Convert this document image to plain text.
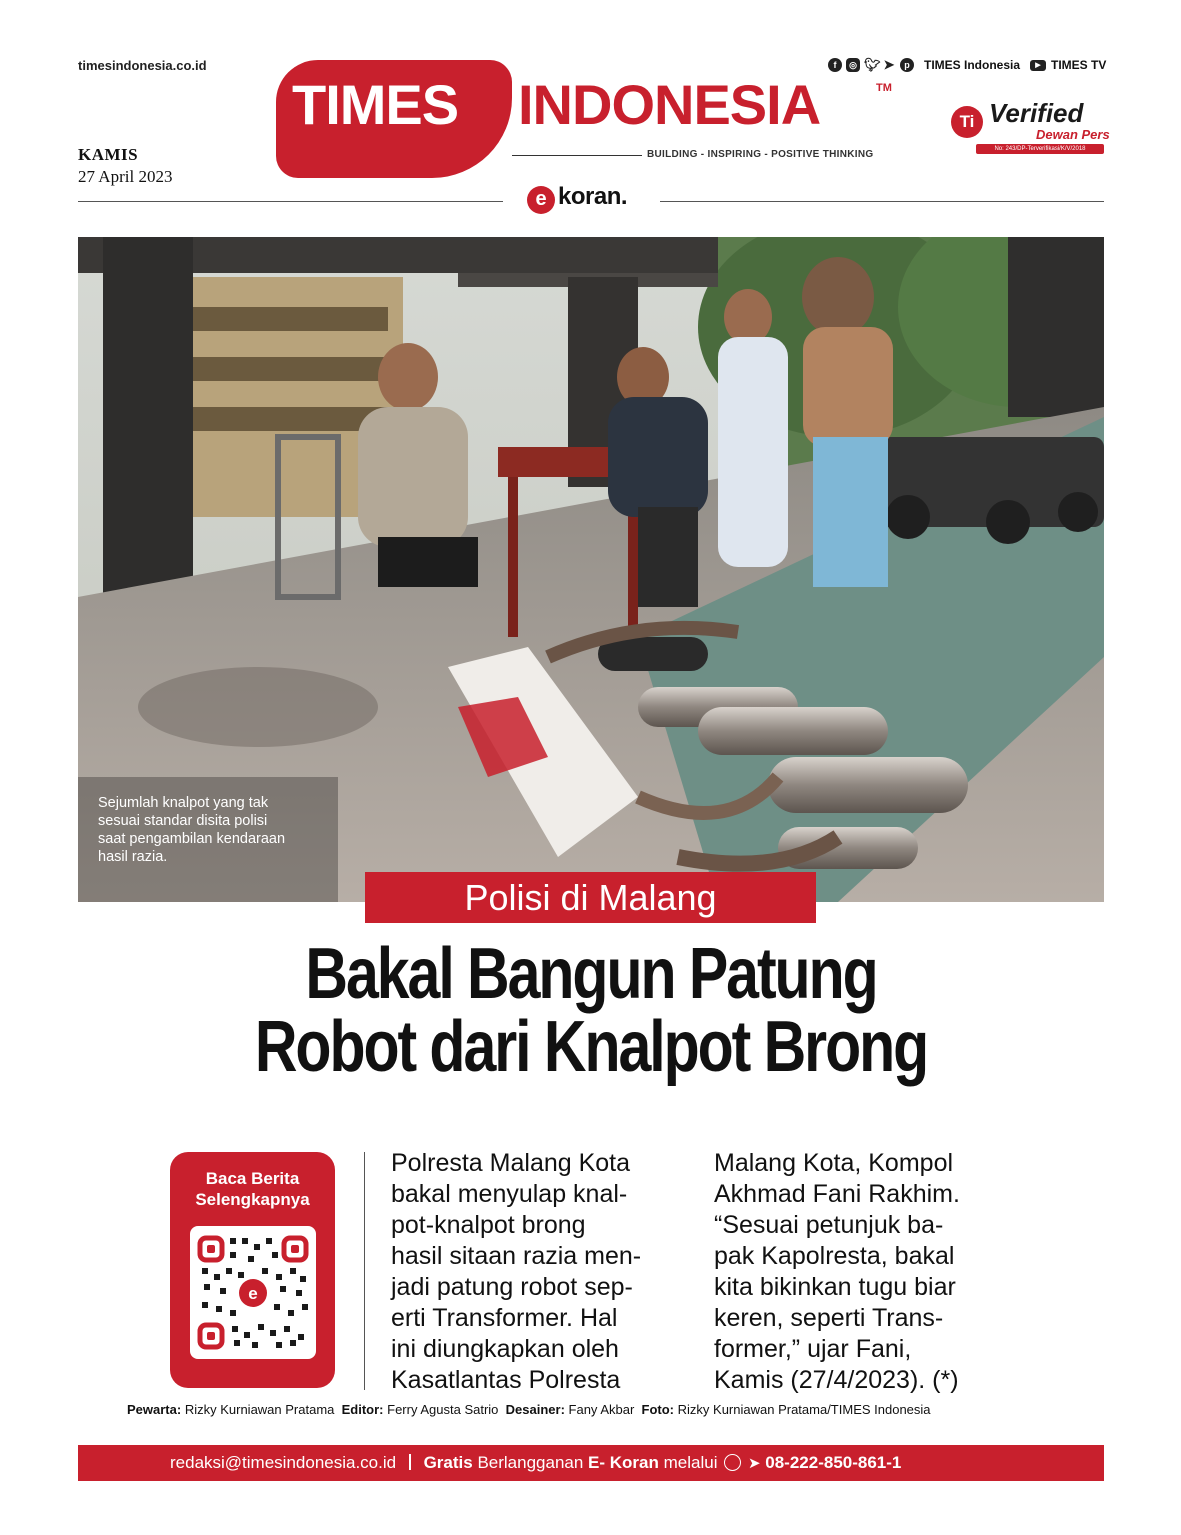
timesindonesia.co.id
KAMIS
27 April 2023
TIMES INDONESIA	TM
BUILDING - INSPIRING - POSITIVE THINKING
f	◎ 🐦︎ ➤	p	TIMES Indonesia	▶ TIMES TV
Ti Verified
Dewan Pers
No: 243/DP-Terverifikasi/K/V/2018
e koran.
Sejumlah knalpot yang tak sesuai standar disita polisi saat pengambilan kendaraan hasil razia.
Polisi di Malang
Bakal Bangun Patung
Robot dari Knalpot Brong
Baca Berita
Selengkapnya
e

Polresta Malang Kota

bakal menyulap knal-

pot-knalpot brong

hasil sitaan razia men-

jadi patung robot sep-

erti Transformer. Hal

ini diungkapkan oleh

Kasatlantas Polresta

Malang Kota, Kompol

Akhmad Fani Rakhim.

“Sesuai petunjuk ba-

pak Kapolresta, bakal

kita bikinkan tugu biar

keren, seperti Trans-

former,” ujar Fani,

Kamis (27/4/2023). (*)

Pewarta: Rizky Kurniawan Pratama Editor: Ferry Agusta Satrio Desainer: Fany Akbar Foto: Rizky Kurniawan Pratama/TIMES Indonesia
redaksi@timesindonesia.co.id Gratis Berlangganan E- Koran melalui ➤ 08-222-850-861-1
